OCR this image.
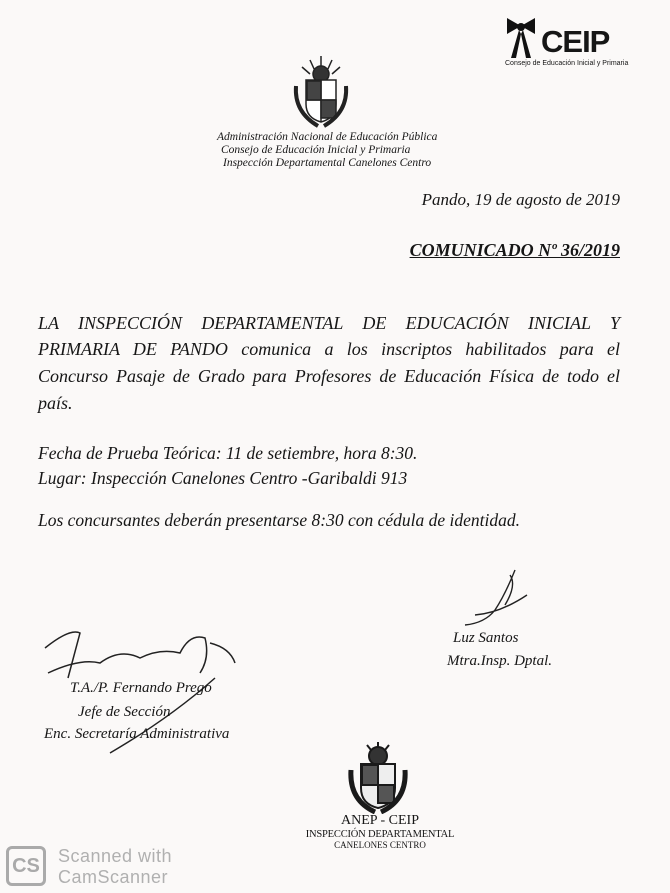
Administración Nacional de Educación Pública
Consejo de Educación Inicial y Primaria
Inspección Departamental Canelones Centro
CEIP
Consejo de Educación Inicial y Primaria
Pando, 19 de agosto de 2019
COMUNICADO Nº 36/2019
LA INSPECCIÓN DEPARTAMENTAL DE EDUCACIÓN INICIAL Y
PRIMARIA DE PANDO comunica a los inscriptos habilitados para el
Concurso Pasaje de Grado para Profesores de Educación Física de todo el
país.
Fecha de Prueba Teórica: 11 de setiembre, hora 8:30.
Lugar: Inspección Canelones Centro -Garibaldi 913
Los concursantes deberán presentarse 8:30 con cédula de identidad.
Luz Santos
Mtra.Insp. Dptal.
T.A./P. Fernando Prego
Jefe de Sección
Enc. Secretaría Administrativa
ANEP - CEIP
INSPECCIÓN DEPARTAMENTAL
CANELONES CENTRO
CS	Scanned with
CamScanner
